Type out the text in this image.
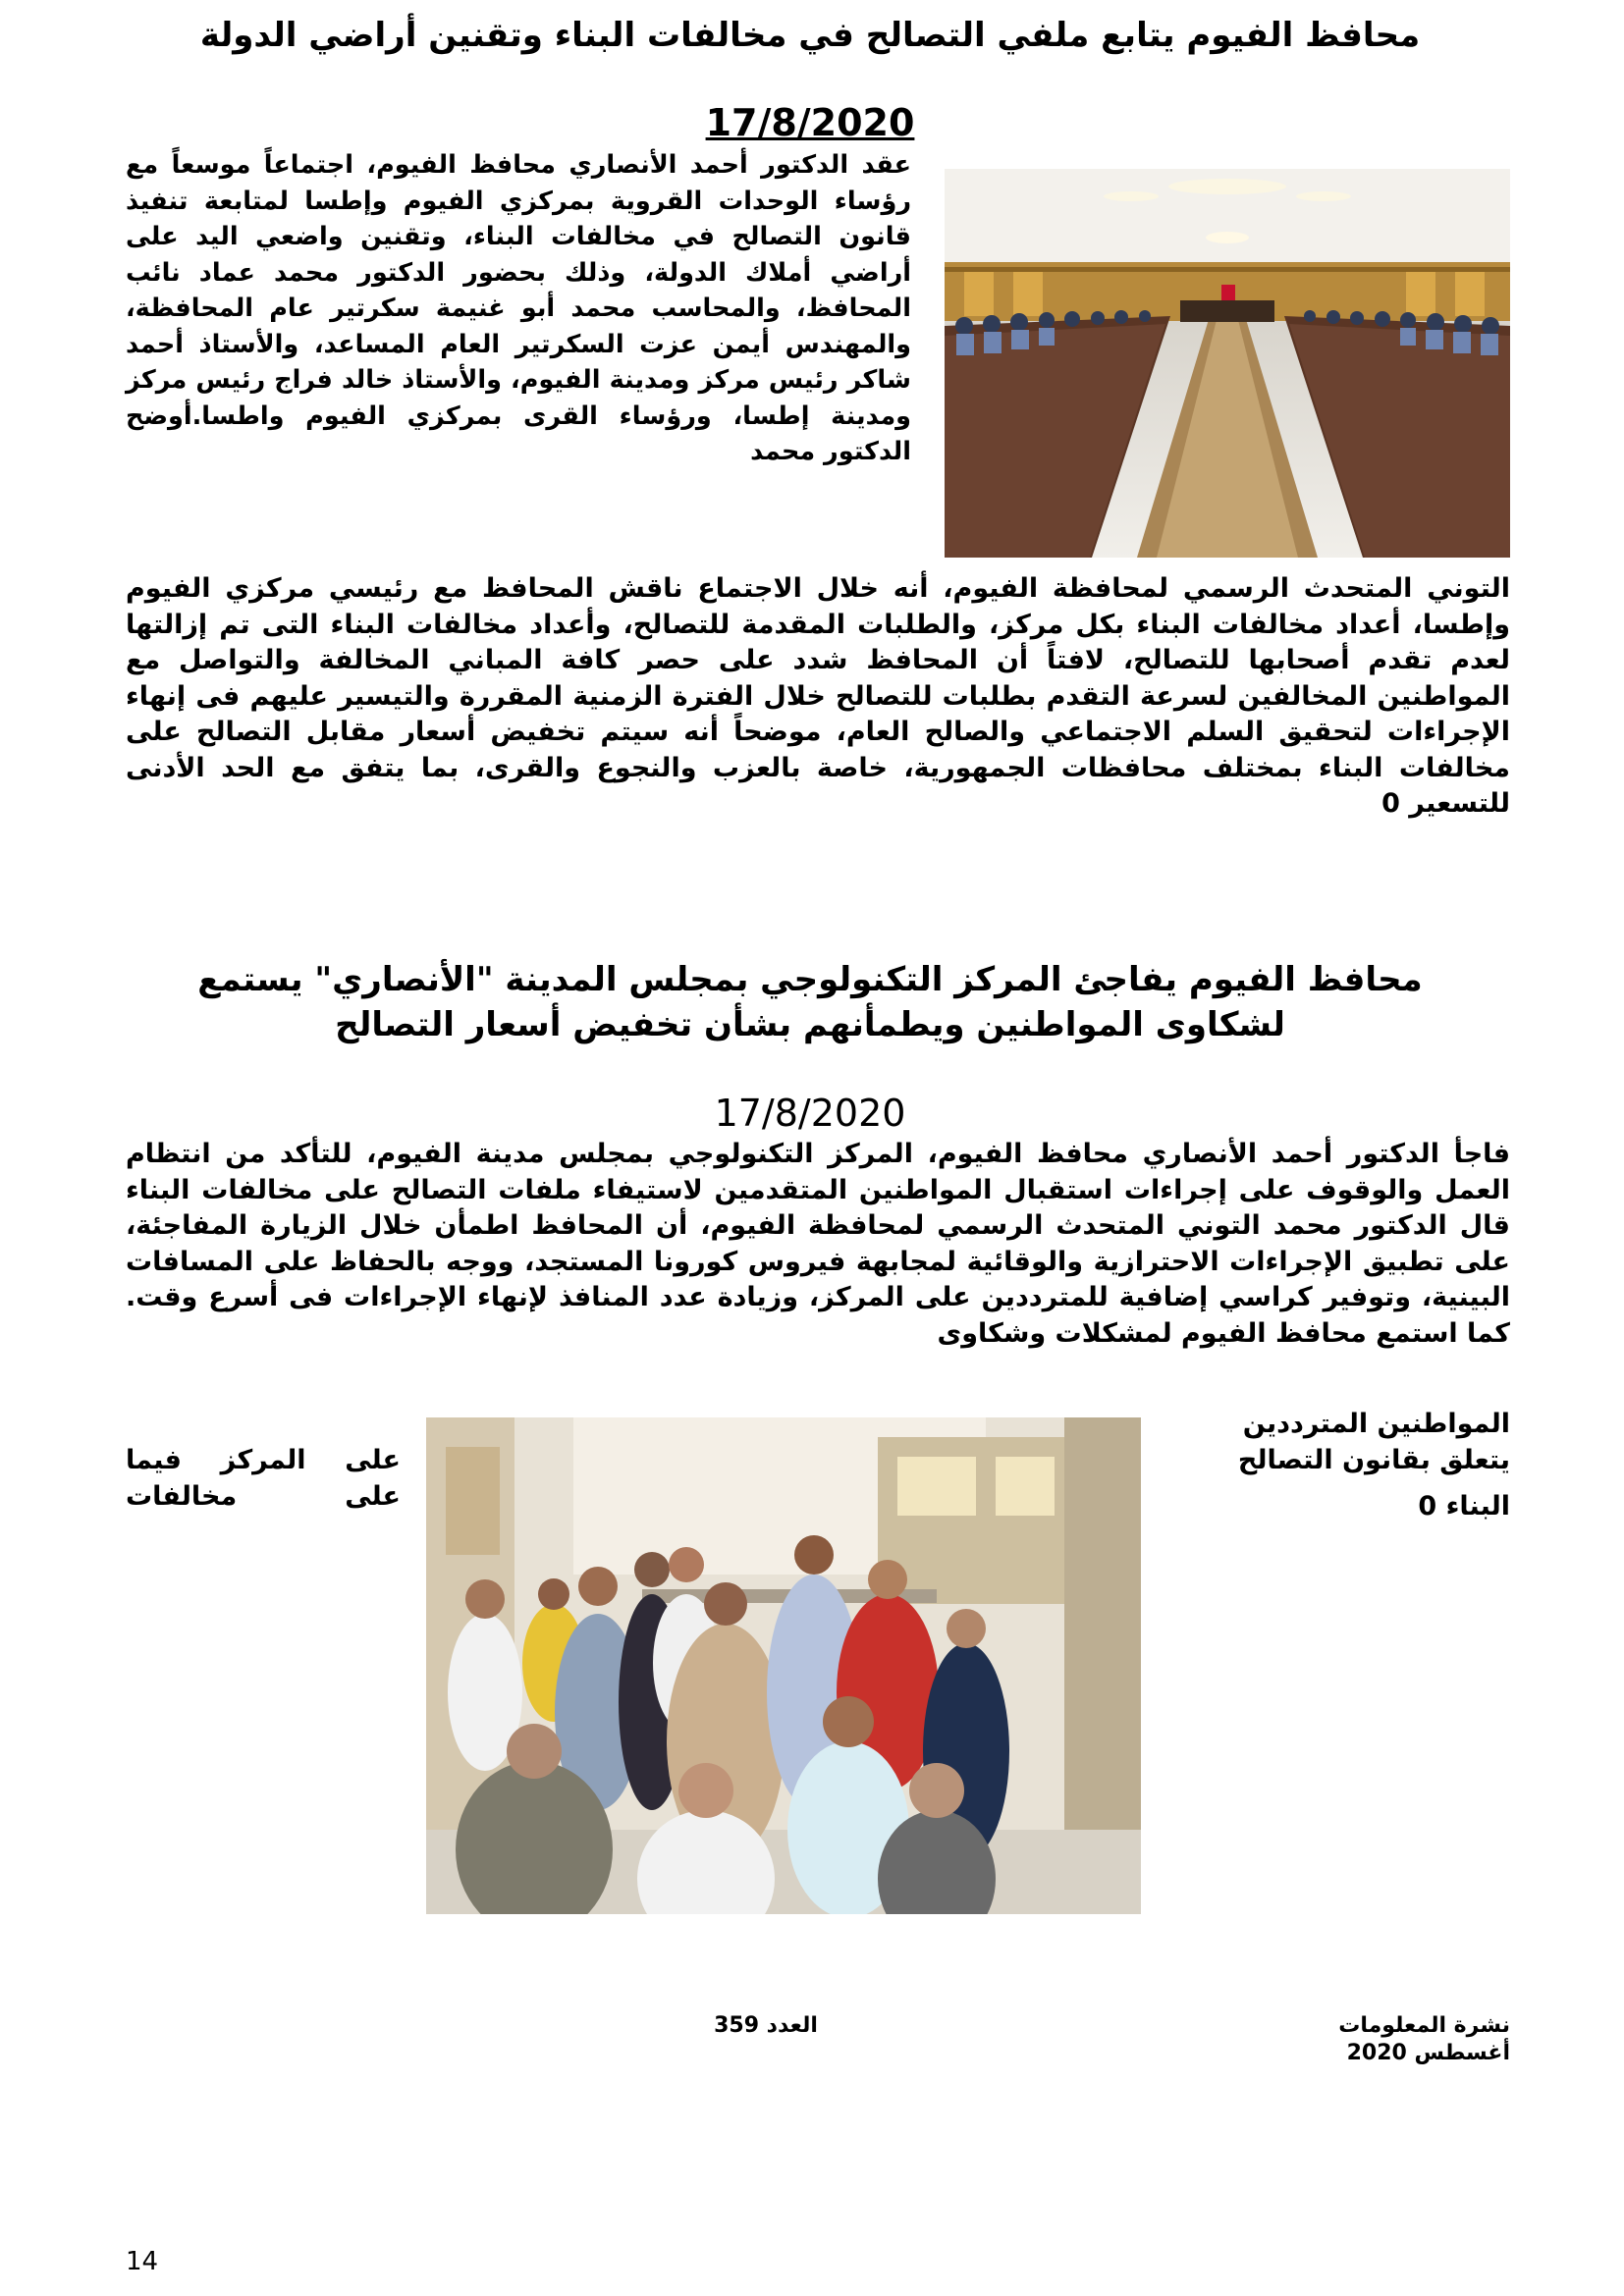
محافظ الفيوم يتابع ملفي التصالح في مخالفات البناء وتقنين أراضي الدولة
17/8/2020
عقد الدكتور أحمد الأنصاري محافظ الفيوم، اجتماعاً موسعاً مع رؤساء الوحدات القروية بمركزي الفيوم وإطسا لمتابعة تنفيذ قانون التصالح في مخالفات البناء، وتقنين واضعي اليد على أراضي أملاك الدولة، وذلك بحضور الدكتور محمد عماد نائب المحافظ، والمحاسب محمد أبو غنيمة سكرتير عام المحافظة، والمهندس أيمن عزت السكرتير العام المساعد، والأستاذ أحمد شاكر رئيس مركز ومدينة الفيوم، والأستاذ خالد فراج رئيس مركز ومدينة إطسا، ورؤساء القرى بمركزي الفيوم واطسا.أوضح الدكتور محمد
التوني المتحدث الرسمي لمحافظة الفيوم، أنه خلال الاجتماع ناقش المحافظ مع رئيسي مركزي الفيوم وإطسا، أعداد مخالفات البناء بكل مركز، والطلبات المقدمة للتصالح، وأعداد مخالفات البناء التى تم إزالتها لعدم تقدم أصحابها للتصالح، لافتاً أن المحافظ شدد على حصر كافة المباني المخالفة والتواصل مع المواطنين المخالفين لسرعة التقدم بطلبات للتصالح خلال الفترة الزمنية المقررة والتيسير عليهم فى إنهاء الإجراءات لتحقيق السلم الاجتماعي والصالح العام، موضحاً أنه سيتم تخفيض أسعار مقابل التصالح على مخالفات البناء بمختلف محافظات الجمهورية، خاصة بالعزب والنجوع والقرى، بما يتفق مع الحد الأدنى للتسعير 0
محافظ الفيوم يفاجئ المركز التكنولوجي بمجلس المدينة "الأنصاري" يستمع لشكاوى المواطنين ويطمأنهم بشأن تخفيض أسعار التصالح
17/8/2020
فاجأ الدكتور أحمد الأنصاري محافظ الفيوم، المركز التكنولوجي بمجلس مدينة الفيوم، للتأكد من انتظام العمل والوقوف على إجراءات استقبال المواطنين المتقدمين لاستيفاء ملفات التصالح على مخالفات البناء قال الدكتور محمد التوني المتحدث الرسمي لمحافظة الفيوم، أن المحافظ اطمأن خلال الزيارة المفاجئة، على تطبيق الإجراءات الاحترازية والوقائية لمجابهة فيروس كورونا المستجد، ووجه بالحفاظ على المسافات البينية، وتوفير كراسي إضافية للمترددين على المركز، وزيادة عدد المنافذ لإنهاء الإجراءات فى أسرع وقت. كما استمع محافظ الفيوم لمشكلات وشكاوى
المواطنين المترددين
يتعلق بقانون التصالح
على المركز فيما
على مخالفات	البناء 0
نشرة المعلومات
أغسطس 2020
العدد 359
14
